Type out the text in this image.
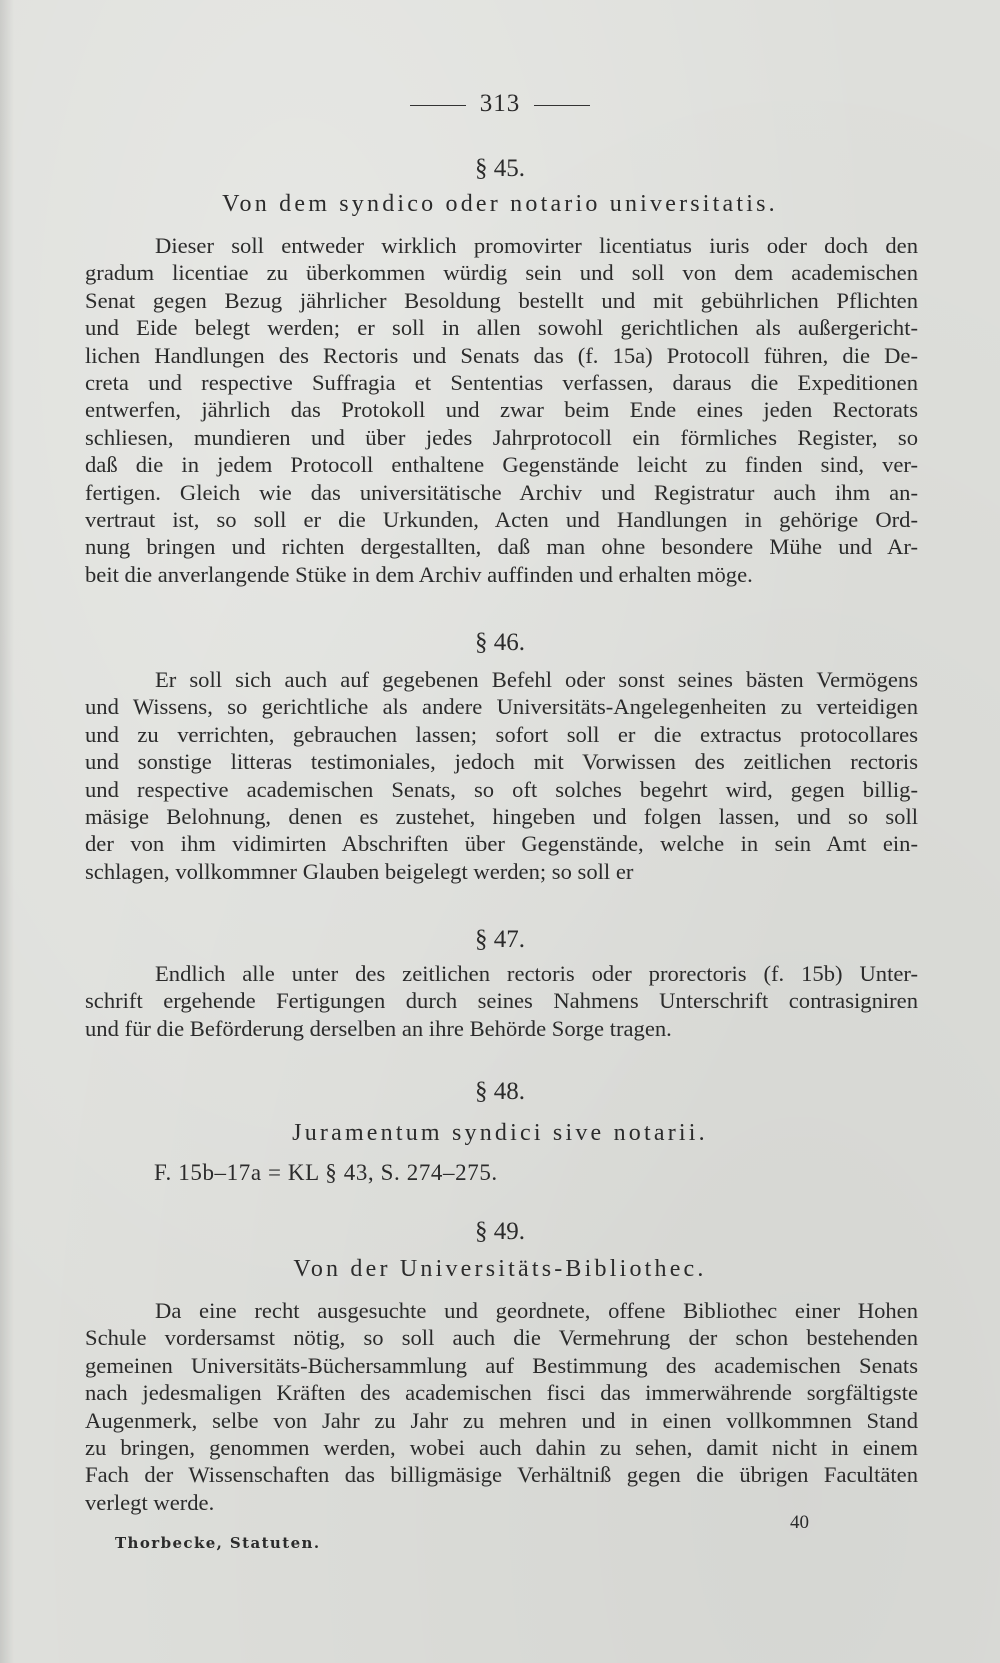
313
§ 45.
Von dem syndico oder notario universitatis.
Dieser soll entweder wirklich promovirter licentiatus iuris oder doch den
gradum licentiae zu überkommen würdig sein und soll von dem academischen
Senat gegen Bezug jährlicher Besoldung bestellt und mit gebührlichen Pflichten
und Eide belegt werden; er soll in allen sowohl gerichtlichen als außergericht-
lichen Handlungen des Rectoris und Senats das (f. 15a) Protocoll führen, die De-
creta und respective Suffragia et Sententias verfassen, daraus die Expeditionen
entwerfen, jährlich das Protokoll und zwar beim Ende eines jeden Rectorats
schliesen, mundieren und über jedes Jahrprotocoll ein förmliches Register, so
daß die in jedem Protocoll enthaltene Gegenstände leicht zu finden sind, ver-
fertigen. Gleich wie das universitätische Archiv und Registratur auch ihm an-
vertraut ist, so soll er die Urkunden, Acten und Handlungen in gehörige Ord-
nung bringen und richten dergestallten, daß man ohne besondere Mühe und Ar-
beit die anverlangende Stüke in dem Archiv auffinden und erhalten möge.
§ 46.
Er soll sich auch auf gegebenen Befehl oder sonst seines bästen Vermögens
und Wissens, so gerichtliche als andere Universitäts-Angelegenheiten zu verteidigen
und zu verrichten, gebrauchen lassen; sofort soll er die extractus protocollares
und sonstige litteras testimoniales, jedoch mit Vorwissen des zeitlichen rectoris
und respective academischen Senats, so oft solches begehrt wird, gegen billig-
mäsige Belohnung, denen es zustehet, hingeben und folgen lassen, und so soll
der von ihm vidimirten Abschriften über Gegenstände, welche in sein Amt ein-
schlagen, vollkommner Glauben beigelegt werden; so soll er
§ 47.
Endlich alle unter des zeitlichen rectoris oder prorectoris (f. 15b) Unter-
schrift ergehende Fertigungen durch seines Nahmens Unterschrift contrasigniren
und für die Beförderung derselben an ihre Behörde Sorge tragen.
§ 48.
Juramentum syndici sive notarii.
F. 15b–17a = KL § 43, S. 274–275.
§ 49.
Von der Universitäts-Bibliothec.
Da eine recht ausgesuchte und geordnete, offene Bibliothec einer Hohen
Schule vordersamst nötig, so soll auch die Vermehrung der schon bestehenden
gemeinen Universitäts-Büchersammlung auf Bestimmung des academischen Senats
nach jedesmaligen Kräften des academischen fisci das immerwährende sorgfältigste
Augenmerk, selbe von Jahr zu Jahr zu mehren und in einen vollkommnen Stand
zu bringen, genommen werden, wobei auch dahin zu sehen, damit nicht in einem
Fach der Wissenschaften das billigmäsige Verhältniß gegen die übrigen Facultäten
verlegt werde.
Thorbecke, Statuten.
40
